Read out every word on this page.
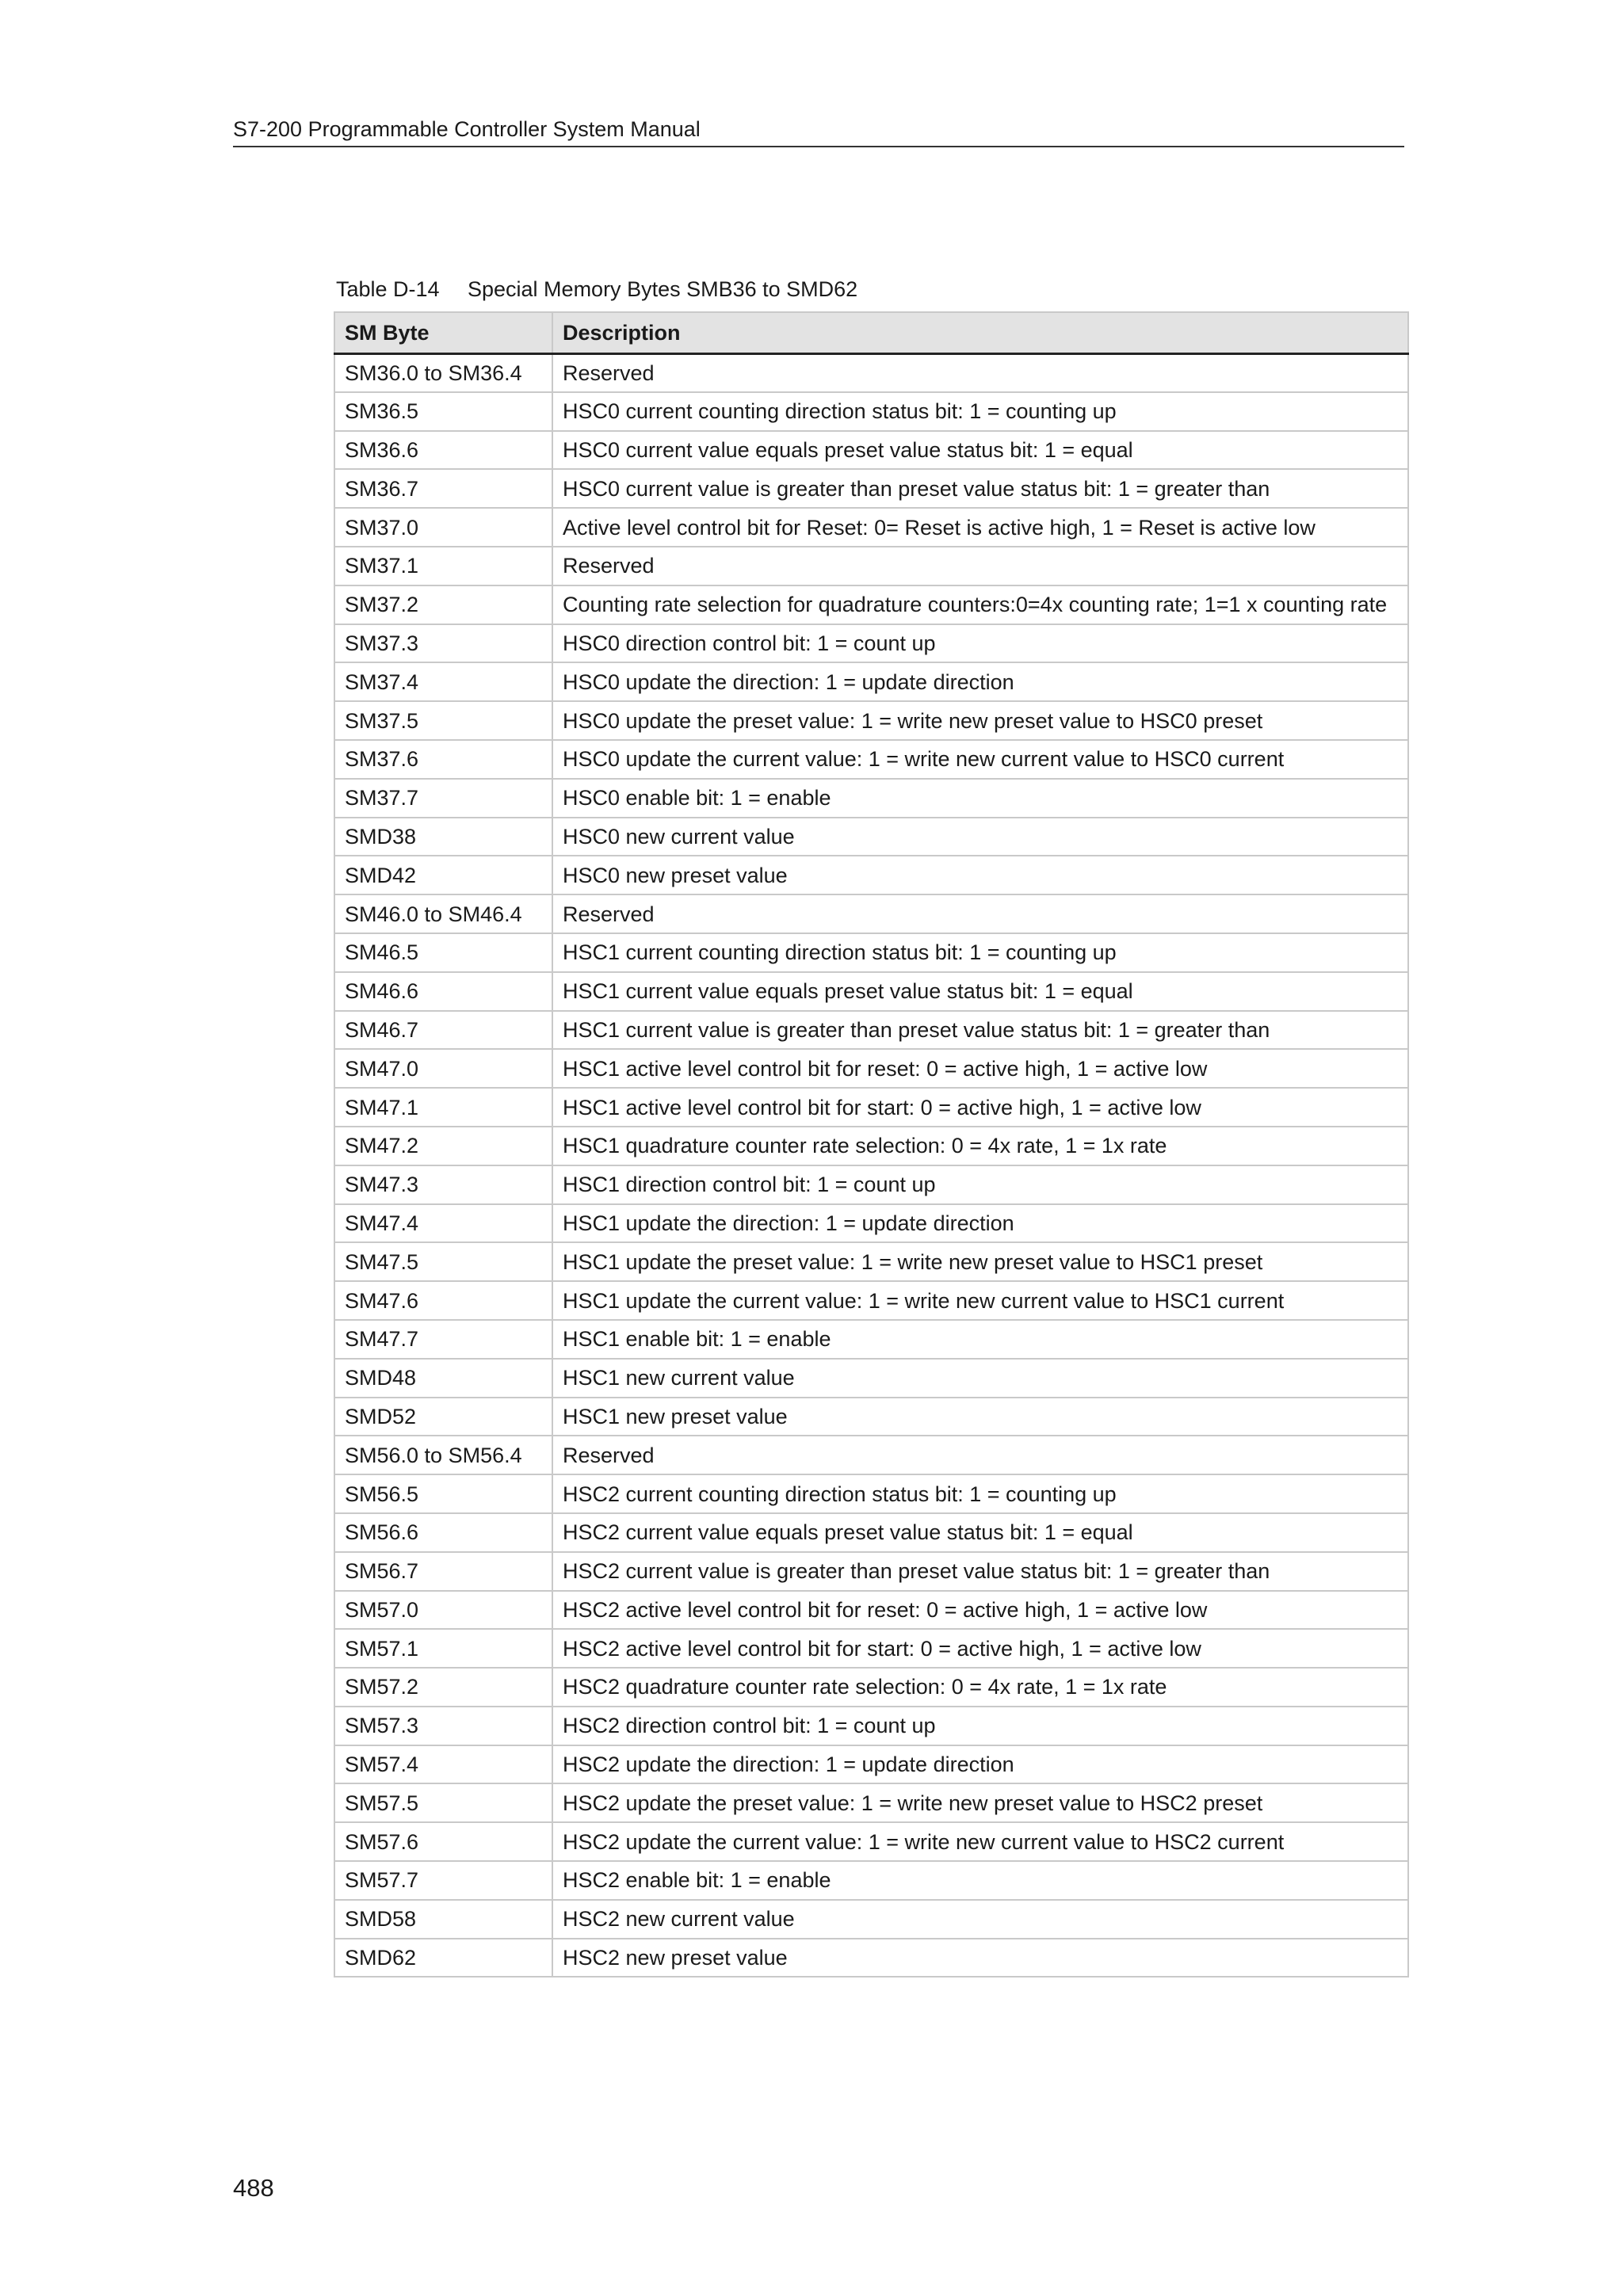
S7-200 Programmable Controller System Manual
Table D-14 Special Memory Bytes SMB36 to SMD62
SM Byte	Description
SM36.0 to SM36.4	Reserved
SM36.5	HSC0 current counting direction status bit: 1 = counting up
SM36.6	HSC0 current value equals preset value status bit: 1 = equal
SM36.7	HSC0 current value is greater than preset value status bit: 1 = greater than
SM37.0	Active level control bit for Reset: 0= Reset is active high, 1 = Reset is active low
SM37.1	Reserved
SM37.2	Counting rate selection for quadrature counters:0=4x counting rate; 1=1 x counting rate
SM37.3	HSC0 direction control bit: 1 = count up
SM37.4	HSC0 update the direction: 1 = update direction
SM37.5	HSC0 update the preset value: 1 = write new preset value to HSC0 preset
SM37.6	HSC0 update the current value: 1 = write new current value to HSC0 current
SM37.7	HSC0 enable bit: 1 = enable
SMD38	HSC0 new current value
SMD42	HSC0 new preset value
SM46.0 to SM46.4	Reserved
SM46.5	HSC1 current counting direction status bit: 1 = counting up
SM46.6	HSC1 current value equals preset value status bit: 1 = equal
SM46.7	HSC1 current value is greater than preset value status bit: 1 = greater than
SM47.0	HSC1 active level control bit for reset: 0 = active high, 1 = active low
SM47.1	HSC1 active level control bit for start: 0 = active high, 1 = active low
SM47.2	HSC1 quadrature counter rate selection: 0 = 4x rate, 1 = 1x rate
SM47.3	HSC1 direction control bit: 1 = count up
SM47.4	HSC1 update the direction: 1 = update direction
SM47.5	HSC1 update the preset value: 1 = write new preset value to HSC1 preset
SM47.6	HSC1 update the current value: 1 = write new current value to HSC1 current
SM47.7	HSC1 enable bit: 1 = enable
SMD48	HSC1 new current value
SMD52	HSC1 new preset value
SM56.0 to SM56.4	Reserved
SM56.5	HSC2 current counting direction status bit: 1 = counting up
SM56.6	HSC2 current value equals preset value status bit: 1 = equal
SM56.7	HSC2 current value is greater than preset value status bit: 1 = greater than
SM57.0	HSC2 active level control bit for reset: 0 = active high, 1 = active low
SM57.1	HSC2 active level control bit for start: 0 = active high, 1 = active low
SM57.2	HSC2 quadrature counter rate selection: 0 = 4x rate, 1 = 1x rate
SM57.3	HSC2 direction control bit: 1 = count up
SM57.4	HSC2 update the direction: 1 = update direction
SM57.5	HSC2 update the preset value: 1 = write new preset value to HSC2 preset
SM57.6	HSC2 update the current value: 1 = write new current value to HSC2 current
SM57.7	HSC2 enable bit: 1 = enable
SMD58	HSC2 new current value
SMD62	HSC2 new preset value
488
